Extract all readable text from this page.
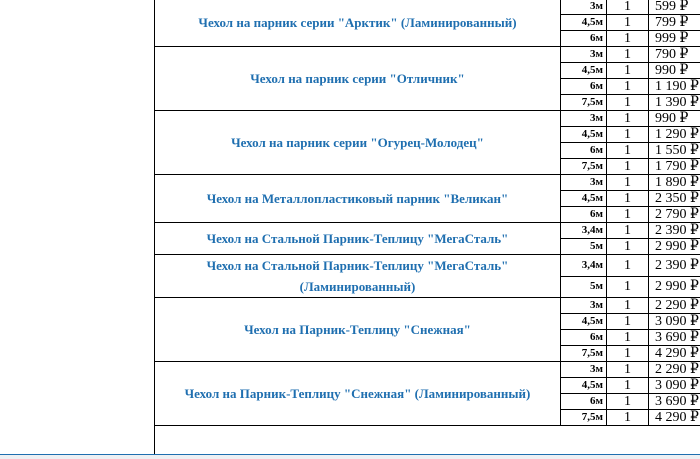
Чехол на парник серии "Арктик" (Ламинированный)	3м	1	599 ₽
	4,5м	1	799 ₽
	6м	1	999 ₽
Чехол на парник серии "Отличник"	3м	1	790 ₽
	4,5м	1	990 ₽
	6м	1	1 190 ₽
	7,5м	1	1 390 ₽
Чехол на парник серии "Огурец-Молодец"	3м	1	990 ₽
	4,5м	1	1 290 ₽
	6м	1	1 550 ₽
	7,5м	1	1 790 ₽
Чехол на Металлопластиковый парник "Великан"	3м	1	1 890 ₽
	4,5м	1	2 350 ₽
	6м	1	2 790 ₽
Чехол на Стальной Парник-Теплицу "МегаСталь"	3,4м	1	2 390 ₽
	5м	1	2 990 ₽
Чехол на Стальной Парник-Теплицу "МегаСталь" (Ламинированный)	3,4м	1	2 390 ₽
	5м	1	2 990 ₽
Чехол на Парник-Теплицу "Снежная"	3м	1	2 290 ₽
	4,5м	1	3 090 ₽
	6м	1	3 690 ₽
	7,5м	1	4 290 ₽
Чехол на Парник-Теплицу "Снежная" (Ламинированный)	3м	1	2 290 ₽
	4,5м	1	3 090 ₽
	6м	1	3 690 ₽
	7,5м	1	4 290 ₽
